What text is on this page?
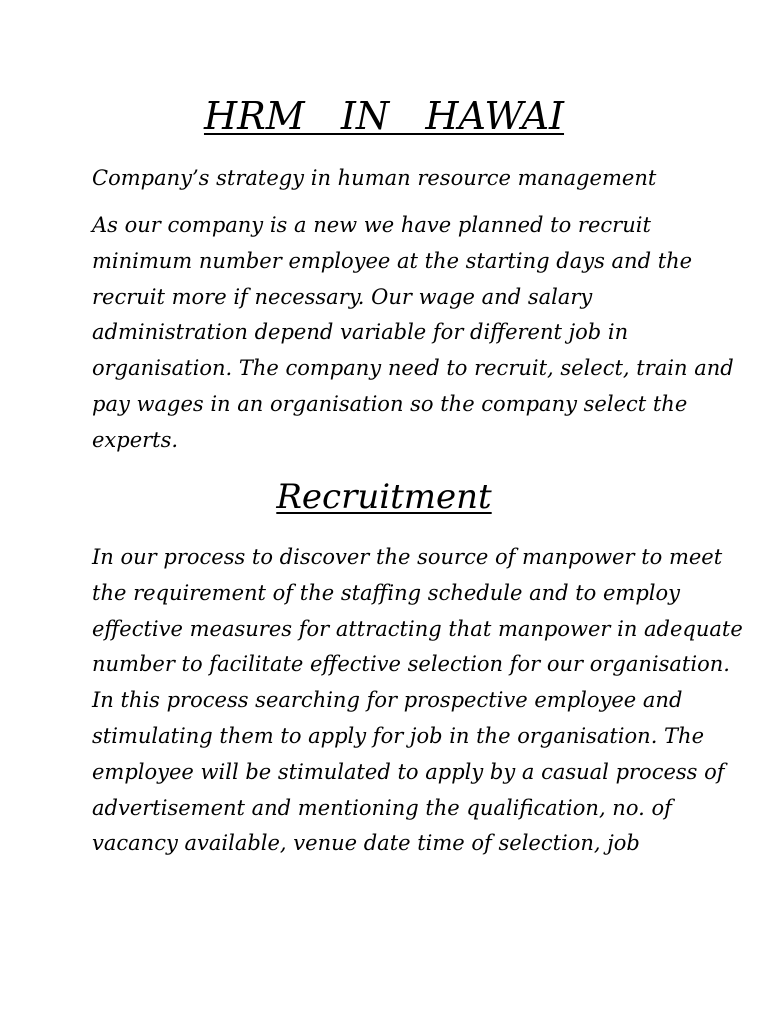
HRM   IN   HAWAI

Company’s strategy in human resource management

As our company is a new we have planned to recruit
minimum number employee at the starting days and the
recruit more if necessary. Our wage and salary
administration depend variable for different job in
organisation. The company need to recruit, select, train and
pay wages in an organisation so the company select the
experts.

Recruitment

In our process to discover the source of manpower to meet
the requirement of the staffing schedule and to employ
effective measures for attracting that manpower in adequate
number to facilitate effective selection for our organisation.
In this process searching for prospective employee and
stimulating them to apply for job in the organisation. The
employee will be stimulated to apply by a casual process of
advertisement and mentioning the qualification, no. of
vacancy available, venue date time of selection, job
